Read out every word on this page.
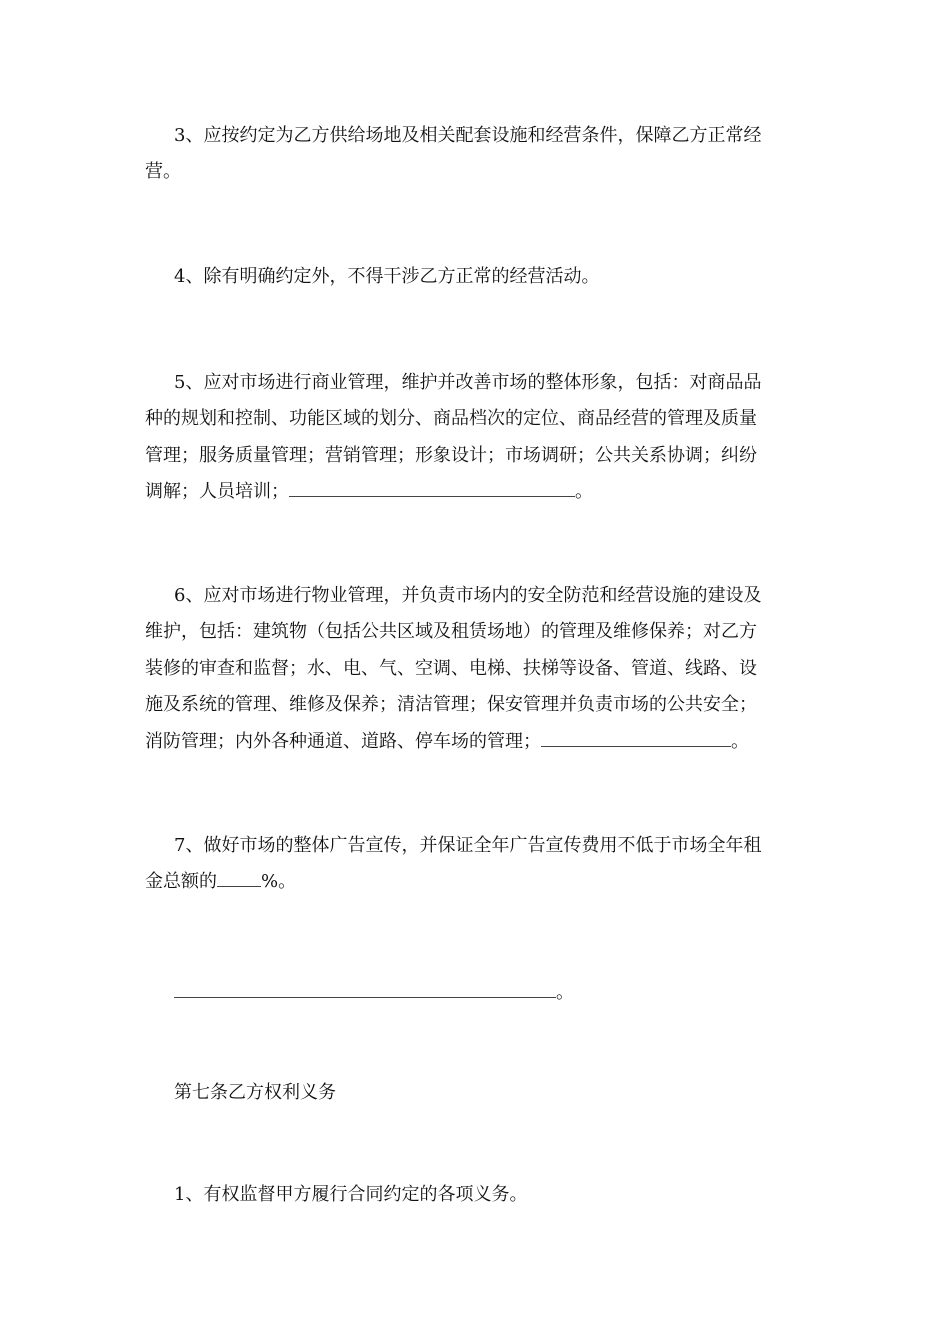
3、应按约定为乙方供给场地及相关配套设施和经营条件，保障乙方正常经
营。
4、除有明确约定外，不得干涉乙方正常的经营活动。
5、应对市场进行商业管理，维护并改善市场的整体形象，包括：对商品品
种的规划和控制、功能区域的划分、商品档次的定位、商品经营的管理及质量
管理；服务质量管理；营销管理；形象设计；市场调研；公共关系协调；纠纷
调解；人员培训；	。
6、应对市场进行物业管理，并负责市场内的安全防范和经营设施的建设及
维护，包括：建筑物（包括公共区域及租赁场地）的管理及维修保养；对乙方
装修的审查和监督；水、电、气、空调、电梯、扶梯等设备、管道、线路、设
施及系统的管理、维修及保养；清洁管理；保安管理并负责市场的公共安全；
消防管理；内外各种通道、道路、停车场的管理；	。
7、做好市场的整体广告宣传，并保证全年广告宣传费用不低于市场全年租
金总额的 %。
。
第七条乙方权利义务
1、有权监督甲方履行合同约定的各项义务。
